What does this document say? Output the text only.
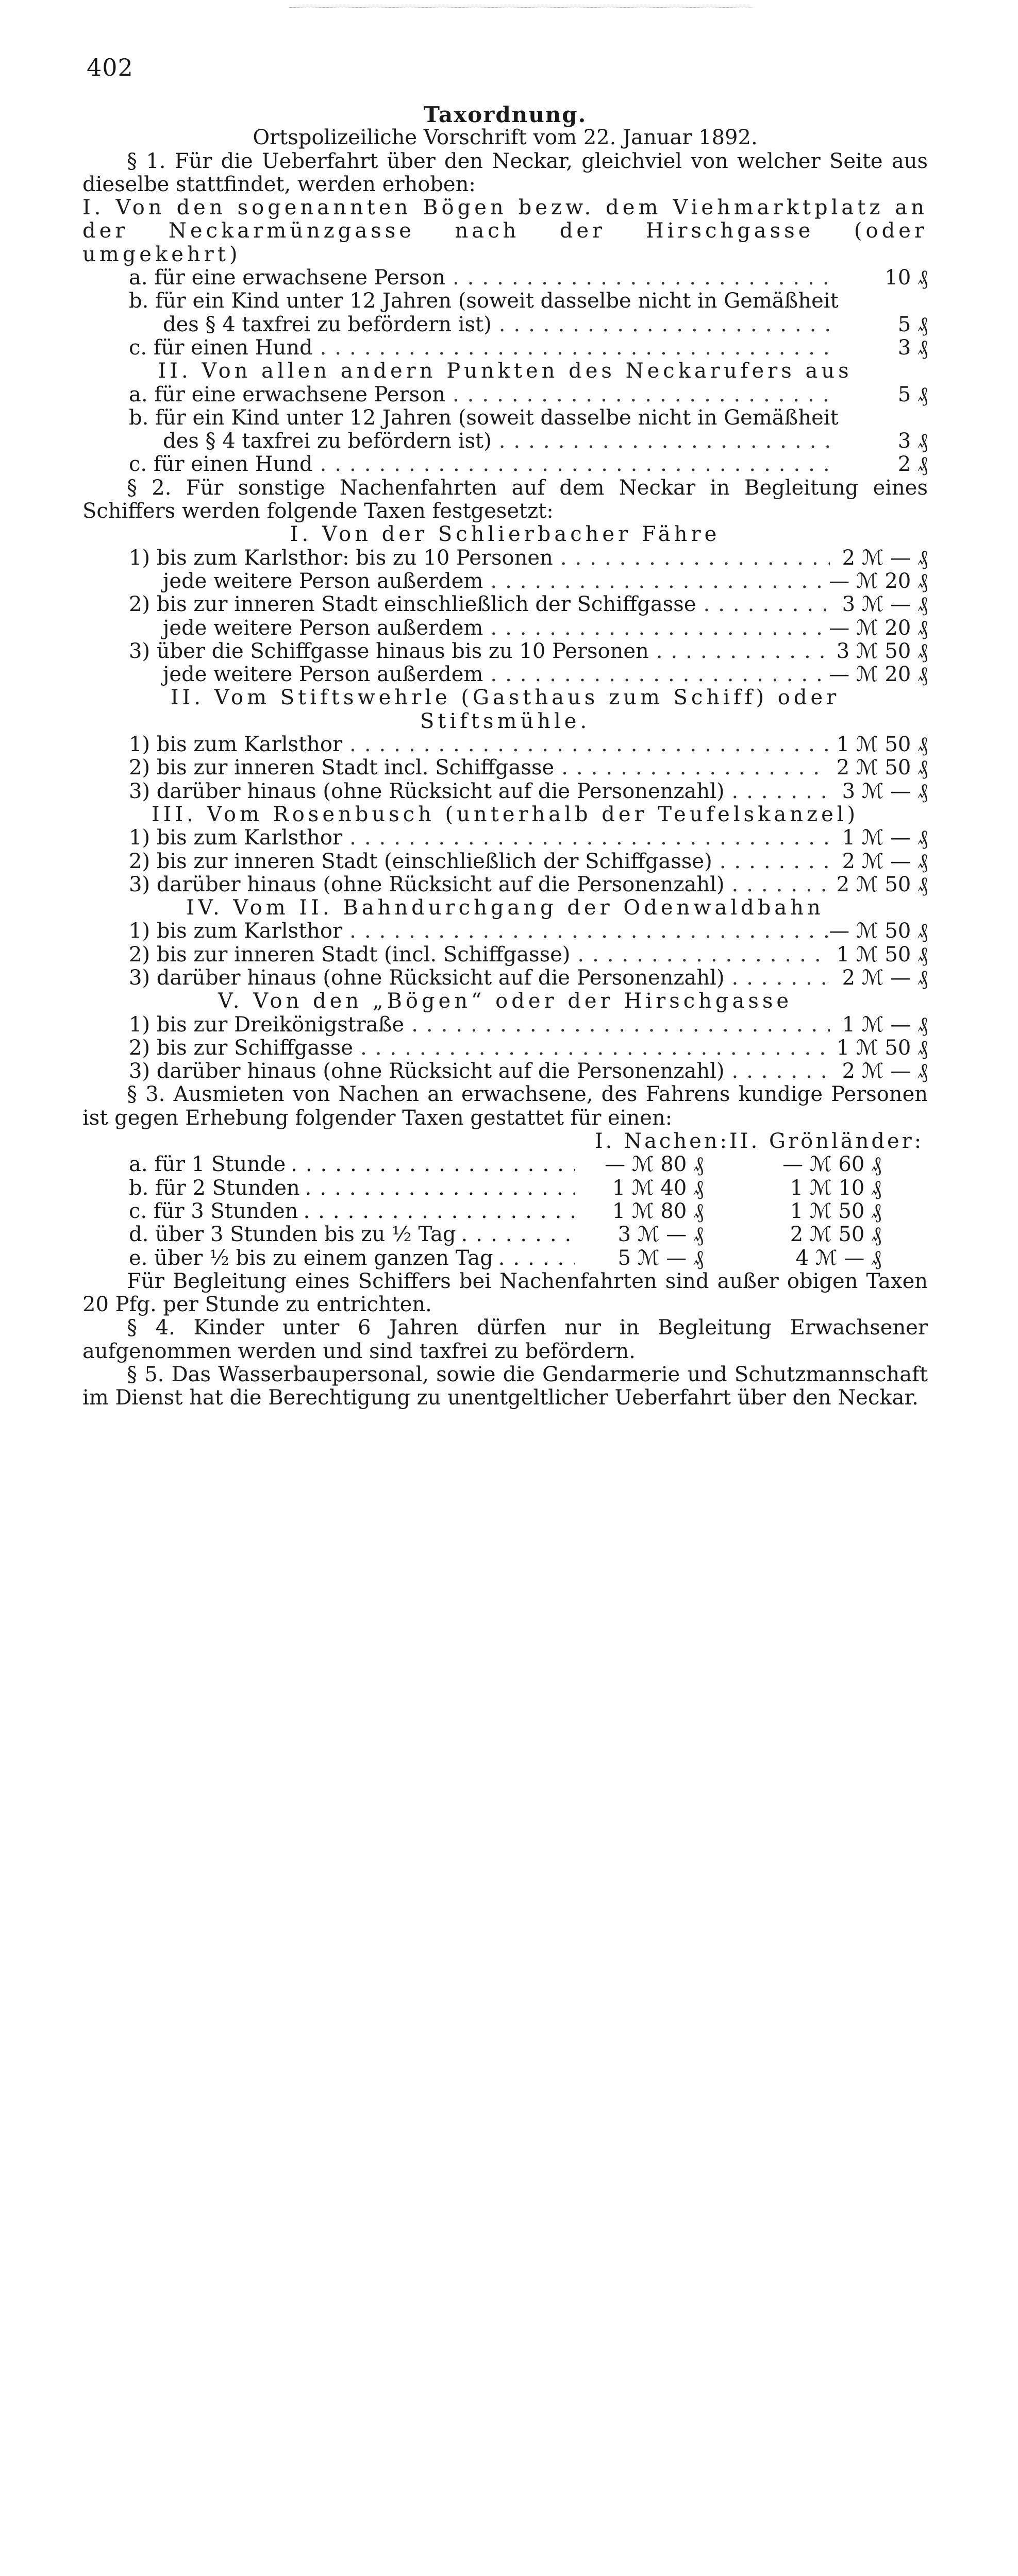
402
Taxordnung.
Ortspolizeiliche Vorschrift vom 22. Januar 1892.
§ 1. Für die Ueberfahrt über den Neckar, gleichviel von welcher Seite aus dieselbe stattfindet, werden erhoben:
I. Von den sogenannten Bögen bezw. dem Viehmarktplatz an der Neckarmünzgasse nach der Hirschgasse (oder umgekehrt)
a. für eine erwachsene Person .....	10 ₰
b. für ein Kind unter 12 Jahren (soweit dasselbe nicht in Gemäßheit
des § 4 taxfrei zu befördern ist) .....	5 ₰
c. für einen Hund .....	3 ₰
II. Von allen andern Punkten des Neckarufers aus
a. für eine erwachsene Person .....	5 ₰
b. für ein Kind unter 12 Jahren (soweit dasselbe nicht in Gemäßheit
des § 4 taxfrei zu befördern ist) .....	3 ₰
c. für einen Hund .....	2 ₰
§ 2. Für sonstige Nachenfahrten auf dem Neckar in Begleitung eines Schiffers werden folgende Taxen festgesetzt:
I. Von der Schlierbacher Fähre
1) bis zum Karlsthor: bis zu 10 Personen .....	2 ℳ — ₰
jede weitere Person außerdem .....	— ℳ 20 ₰
2) bis zur inneren Stadt einschließlich der Schiffgasse .....	3 ℳ — ₰
jede weitere Person außerdem .....	— ℳ 20 ₰
3) über die Schiffgasse hinaus bis zu 10 Personen .....	3 ℳ 50 ₰
jede weitere Person außerdem .....	— ℳ 20 ₰
II. Vom Stiftswehrle (Gasthaus zum Schiff) oder Stiftsmühle.
1) bis zum Karlsthor .....	1 ℳ 50 ₰
2) bis zur inneren Stadt incl. Schiffgasse .....	2 ℳ 50 ₰
3) darüber hinaus (ohne Rücksicht auf die Personenzahl) .....	3 ℳ — ₰
III. Vom Rosenbusch (unterhalb der Teufelskanzel)
1) bis zum Karlsthor .....	1 ℳ — ₰
2) bis zur inneren Stadt (einschließlich der Schiffgasse) .....	2 ℳ — ₰
3) darüber hinaus (ohne Rücksicht auf die Personenzahl) .....	2 ℳ 50 ₰
IV. Vom II. Bahndurchgang der Odenwaldbahn
1) bis zum Karlsthor .....	— ℳ 50 ₰
2) bis zur inneren Stadt (incl. Schiffgasse) .....	1 ℳ 50 ₰
3) darüber hinaus (ohne Rücksicht auf die Personenzahl) .....	2 ℳ — ₰
V. Von den „Bögen“ oder der Hirschgasse
1) bis zur Dreikönigstraße .....	1 ℳ — ₰
2) bis zur Schiffgasse .....	1 ℳ 50 ₰
3) darüber hinaus (ohne Rücksicht auf die Personenzahl) .....	2 ℳ — ₰
§ 3. Ausmieten von Nachen an erwachsene, des Fahrens kundige Personen ist gegen Erhebung folgender Taxen gestattet für einen:
I. Nachen: II. Grönländer:
a. für 1 Stunde .....	— ℳ 80 ₰	— ℳ 60 ₰
b. für 2 Stunden .....	1 ℳ 40 ₰	1 ℳ 10 ₰
c. für 3 Stunden .....	1 ℳ 80 ₰	1 ℳ 50 ₰
d. über 3 Stunden bis zu ½ Tag .....	3 ℳ — ₰	2 ℳ 50 ₰
e. über ½ bis zu einem ganzen Tag .....	5 ℳ — ₰	4 ℳ — ₰
Für Begleitung eines Schiffers bei Nachenfahrten sind außer obigen Taxen 20 Pfg. per Stunde zu entrichten.
§ 4. Kinder unter 6 Jahren dürfen nur in Begleitung Erwachsener aufgenommen werden und sind taxfrei zu befördern.
§ 5. Das Wasserbaupersonal, sowie die Gendarmerie und Schutzmannschaft im Dienst hat die Berechtigung zu unentgeltlicher Ueberfahrt über den Neckar.
